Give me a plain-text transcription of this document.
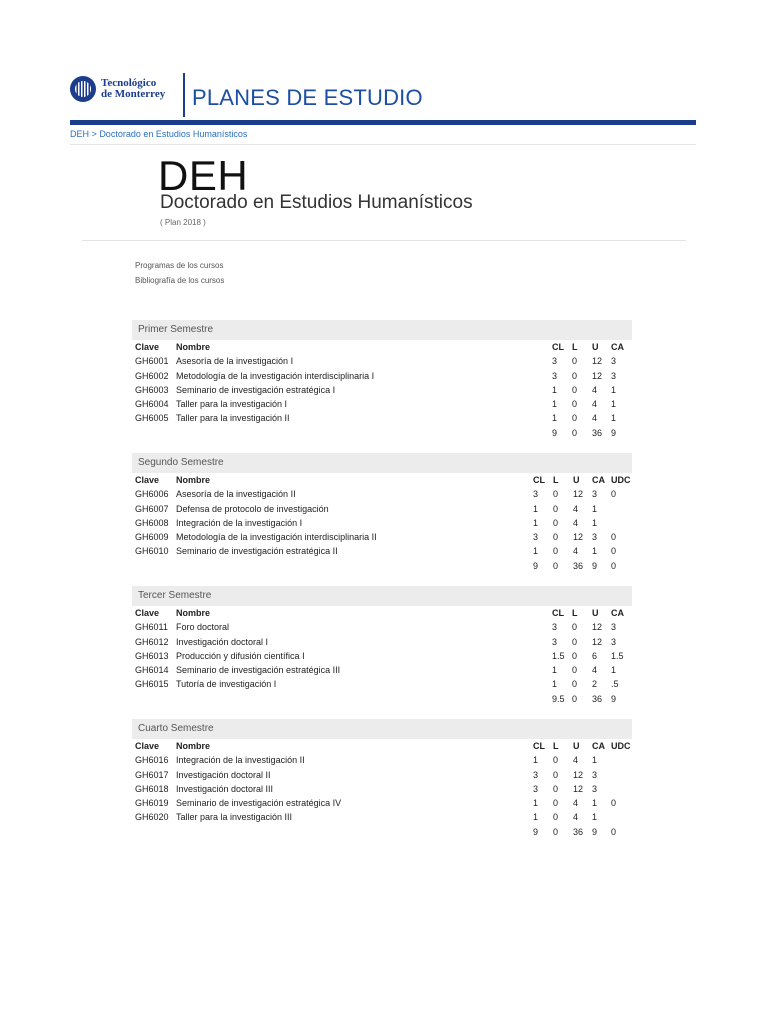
Tecnológico
de Monterrey PLANES DE ESTUDIO
DEH > Doctorado en Estudios Humanísticos
DEH
Doctorado en Estudios Humanísticos
( Plan 2018 )
Programas de los cursos
Bibliografía de los cursos
Primer Semestre
Clave Nombre	CL L U CA
GH6001 Asesoría de la investigación I	3 0 12 3
GH6002 Metodología de la investigación interdisciplinaria I	3 0 12 3
GH6003 Seminario de investigación estratégica I	1 0 4 1
GH6004 Taller para la investigación I	1 0 4 1
GH6005 Taller para la investigación II	1 0 4 1
9 0 36 9
Segundo Semestre
Clave Nombre	CL L U CA UDC
GH6006 Asesoría de la investigación II	3 0 12 3 0
GH6007 Defensa de protocolo de investigación	1 0 4 1
GH6008 Integración de la investigación I	1 0 4 1
GH6009 Metodología de la investigación interdisciplinaria II	3 0 12 3 0
GH6010 Seminario de investigación estratégica II	1 0 4 1 0
9 0 36 9 0
Tercer Semestre
Clave Nombre	CL L U CA
GH6011 Foro doctoral	3 0 12 3
GH6012 Investigación doctoral I	3 0 12 3
GH6013 Producción y difusión científica I	1.5 0 6 1.5
GH6014 Seminario de investigación estratégica III	1 0 4 1
GH6015 Tutoría de investigación I	1 0 2 .5
9.5 0 36 9
Cuarto Semestre
Clave Nombre	CL L U CA UDC
GH6016 Integración de la investigación II	1 0 4 1
GH6017 Investigación doctoral II	3 0 12 3
GH6018 Investigación doctoral III	3 0 12 3
GH6019 Seminario de investigación estratégica IV	1 0 4 1 0
GH6020 Taller para la investigación III	1 0 4 1
9 0 36 9 0
